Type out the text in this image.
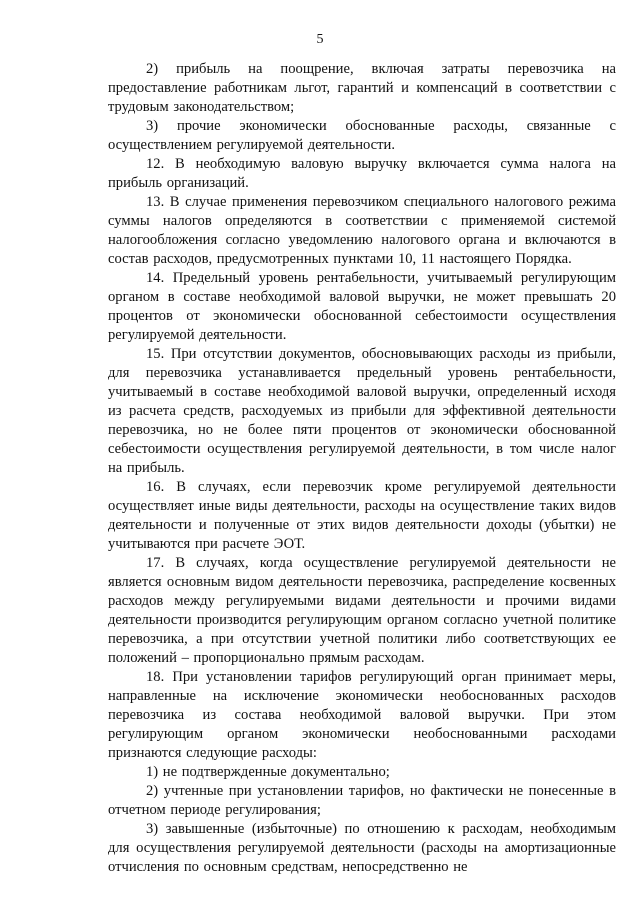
5

2) прибыль на поощрение, включая затраты перевозчика на предоставление работникам льгот, гарантий и компенсаций в соответствии с трудовым законодательством;

3) прочие экономически обоснованные расходы, связанные с осуществлением регулируемой деятельности.

12. В необходимую валовую выручку включается сумма налога на прибыль организаций.

13. В случае применения перевозчиком специального налогового режима суммы налогов определяются в соответствии с применяемой системой налогообложения согласно уведомлению налогового органа и включаются в состав расходов, предусмотренных пунктами 10, 11 настоящего Порядка.

14. Предельный уровень рентабельности, учитываемый регулирующим органом в составе необходимой валовой выручки, не может превышать 20 процентов от экономически обоснованной себестоимости осуществления регулируемой деятельности.

15. При отсутствии документов, обосновывающих расходы из прибыли, для перевозчика устанавливается предельный уровень рентабельности, учитываемый в составе необходимой валовой выручки, определенный исходя из расчета средств, расходуемых из прибыли для эффективной деятельности перевозчика, но не более пяти процентов от экономически обоснованной себестоимости осуществления регулируемой деятельности, в том числе налог на прибыль.

16. В случаях, если перевозчик кроме регулируемой деятельности осуществляет иные виды деятельности, расходы на осуществление таких видов деятельности и полученные от этих видов деятельности доходы (убытки) не учитываются при расчете ЭОТ.

17. В случаях, когда осуществление регулируемой деятельности не является основным видом деятельности перевозчика, распределение косвенных расходов между регулируемыми видами деятельности и прочими видами деятельности производится регулирующим органом согласно учетной политике перевозчика, а при отсутствии учетной политики либо соответствующих ее положений – пропорционально прямым расходам.

18. При установлении тарифов регулирующий орган принимает меры, направленные на исключение экономически необоснованных расходов перевозчика из состава необходимой валовой выручки. При этом регулирующим органом экономически необоснованными расходами признаются следующие расходы:

1) не подтвержденные документально;

2) учтенные при установлении тарифов, но фактически не понесенные в отчетном периоде регулирования;

3) завышенные (избыточные) по отношению к расходам, необходимым для осуществления регулируемой деятельности (расходы на амортизационные отчисления по основным средствам, непосредственно не
